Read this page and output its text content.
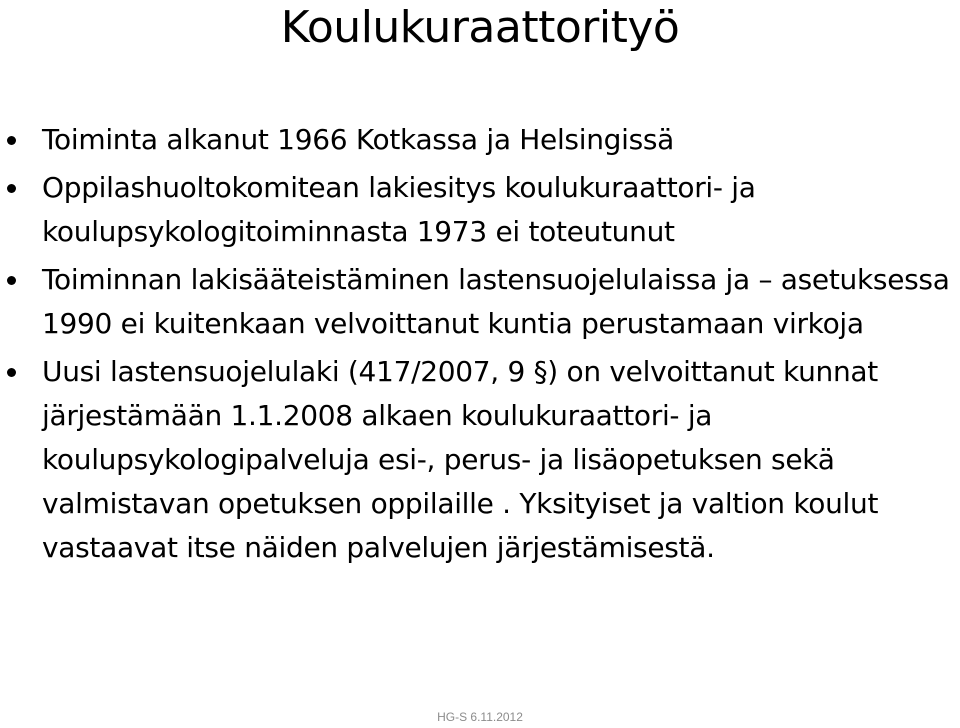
Koulukuraattorityö
Toiminta alkanut 1966 Kotkassa ja Helsingissä
Oppilashuoltokomitean lakiesitys koulukuraattori- ja koulupsykologitoiminnasta 1973 ei toteutunut
Toiminnan lakisääteistäminen lastensuojelulaissa ja – asetuksessa 1990 ei kuitenkaan velvoittanut kuntia perustamaan virkoja
Uusi lastensuojelulaki (417/2007, 9 §) on velvoittanut kunnat järjestämään 1.1.2008 alkaen koulukuraattori- ja koulupsykologipalveluja esi-, perus- ja lisäopetuksen sekä valmistavan opetuksen oppilaille . Yksityiset ja valtion koulut vastaavat itse näiden palvelujen järjestämisestä.
HG-S 6.11.2012
